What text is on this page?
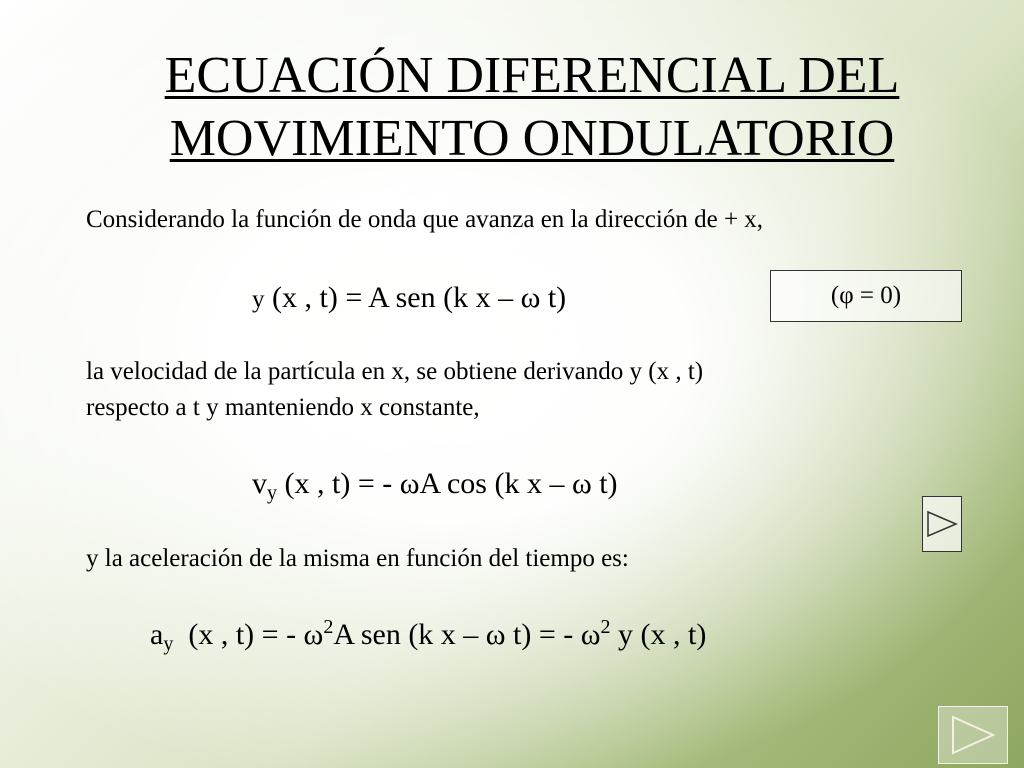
ECUACIÓN DIFERENCIAL DEL
MOVIMIENTO ONDULATORIO
Considerando la función de onda que avanza en la dirección de + x,
y (x , t) = A sen (k x – ω t)	(φ = 0)
la velocidad de la partícula en x, se obtiene derivando y (x , t)
respecto a t y manteniendo x constante,
$v_y$ (x , t) = - ωA cos (k x – ω t)
y la aceleración de la misma en función del tiempo es:
$a_y$  (x , t) = - $\omega^2A$ sen (k x – ω t) = - $\omega^2$ y (x , t)
